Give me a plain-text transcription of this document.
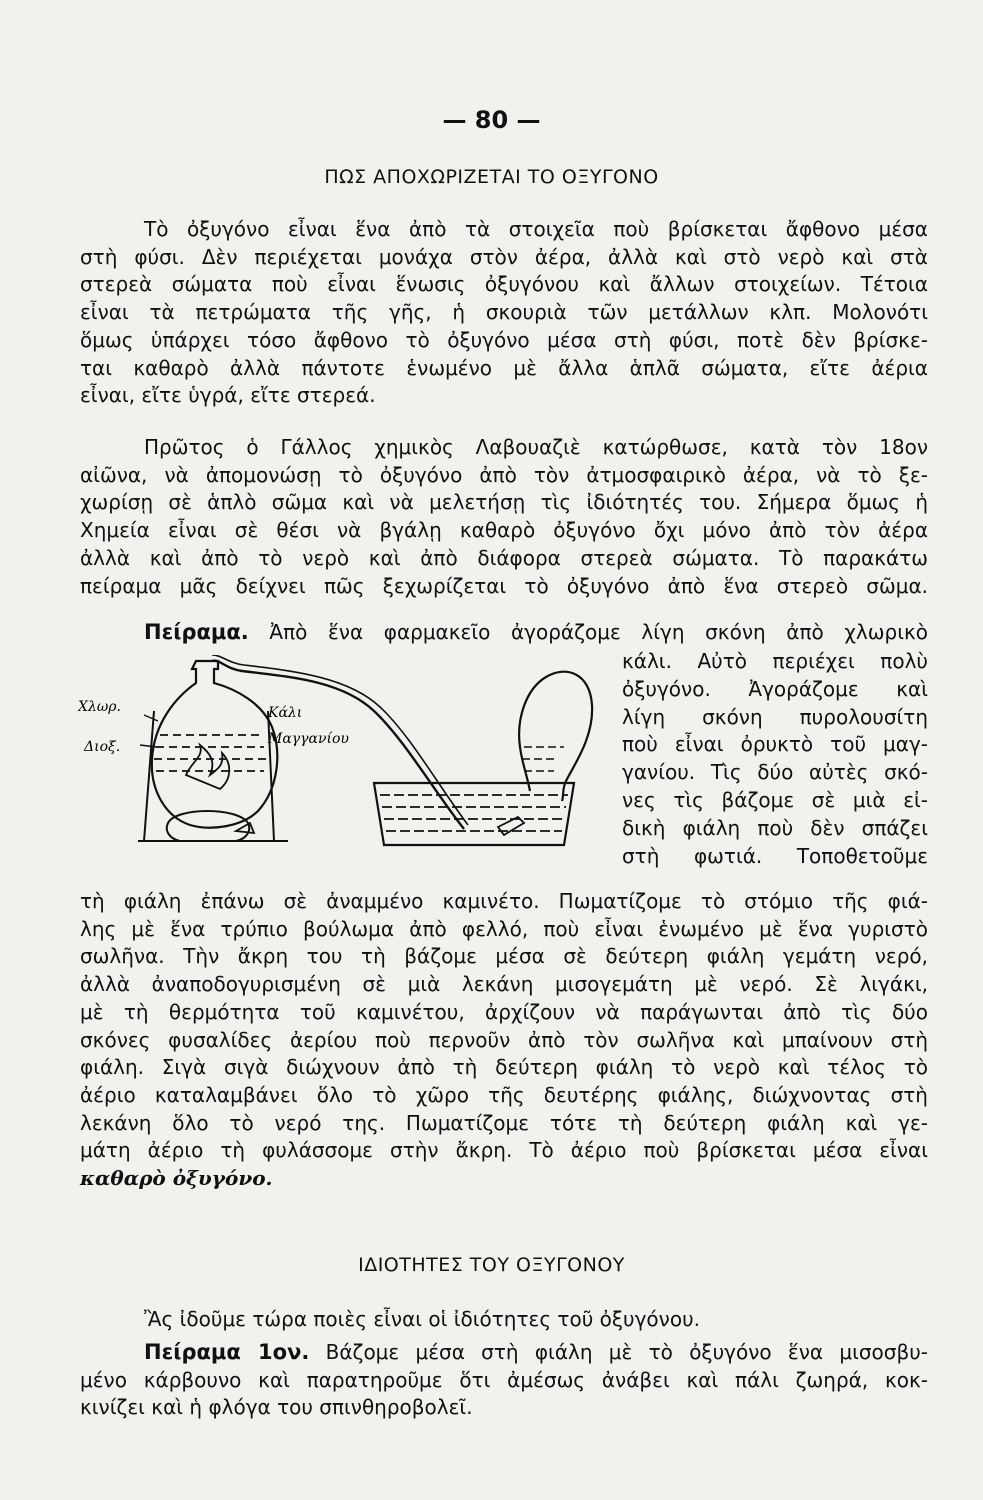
— 80 —
ΠΩΣ ΑΠΟΧΩΡΙΖΕΤΑΙ ΤΟ ΟΞΥΓΟΝΟ
Τὸ ὀξυγόνο εἶναι ἕνα ἀπὸ τὰ στοιχεῖα ποὺ βρίσκεται ἄφθονο μέσα
στὴ φύσι. Δὲν περιέχεται μονάχα στὸν ἀέρα, ἀλλὰ καὶ στὸ νερὸ καὶ στὰ
στερεὰ σώματα ποὺ εἶναι ἕνωσις ὀξυγόνου καὶ ἄλλων στοιχείων. Τέτοια
εἶναι τὰ πετρώματα τῆς γῆς, ἡ σκουριὰ τῶν μετάλλων κλπ. Μολονότι
ὅμως ὑπάρχει τόσο ἄφθονο τὸ ὀξυγόνο μέσα στὴ φύσι, ποτὲ δὲν βρίσκε-
ται καθαρὸ ἀλλὰ πάντοτε ἑνωμένο μὲ ἄλλα ἁπλᾶ σώματα, εἴτε ἀέρια
εἶναι, εἴτε ὑγρά, εἴτε στερεά.
Πρῶτος ὁ Γάλλος χημικὸς Λαβουαζιὲ κατώρθωσε, κατὰ τὸν 18ον
αἰῶνα, νὰ ἀπομονώσῃ τὸ ὀξυγόνο ἀπὸ τὸν ἀτμοσφαιρικὸ ἀέρα, νὰ τὸ ξε-
χωρίσῃ σὲ ἁπλὸ σῶμα καὶ νὰ μελετήσῃ τὶς ἰδιότητές του. Σήμερα ὅμως ἡ
Χημεία εἶναι σὲ θέσι νὰ βγάλῃ καθαρὸ ὀξυγόνο ὄχι μόνο ἀπὸ τὸν ἀέρα
ἀλλὰ καὶ ἀπὸ τὸ νερὸ καὶ ἀπὸ διάφορα στερεὰ σώματα. Τὸ παρακάτω
πείραμα μᾶς δείχνει πῶς ξεχωρίζεται τὸ ὀξυγόνο ἀπὸ ἕνα στερεὸ σῶμα.
Πείραμα. Ἀπὸ ἕνα φαρμακεῖο ἀγοράζομε λίγη σκόνη ἀπὸ χλωρικὸ
Χλωρ.
Διοξ.
Κάλι
Μαγγανίου
κάλι. Αὐτὸ περιέχει πολὺ
ὀξυγόνο. Ἀγοράζομε καὶ
λίγη σκόνη πυρολουσίτη
ποὺ εἶναι ὀρυκτὸ τοῦ μαγ-
γανίου. Τὶς δύο αὐτὲς σκό-
νες τὶς βάζομε σὲ μιὰ εἰ-
δικὴ φιάλη ποὺ δὲν σπάζει
στὴ φωτιά. Τοποθετοῦμε
τὴ φιάλη ἐπάνω σὲ ἀναμμένο καμινέτο. Πωματίζομε τὸ στόμιο τῆς φιά-
λης μὲ ἕνα τρύπιο βούλωμα ἀπὸ φελλό, ποὺ εἶναι ἑνωμένο μὲ ἕνα γυριστὸ
σωλῆνα. Τὴν ἄκρη του τὴ βάζομε μέσα σὲ δεύτερη φιάλη γεμάτη νερό,
ἀλλὰ ἀναποδογυρισμένη σὲ μιὰ λεκάνη μισογεμάτη μὲ νερό. Σὲ λιγάκι,
μὲ τὴ θερμότητα τοῦ καμινέτου, ἀρχίζουν νὰ παράγωνται ἀπὸ τὶς δύο
σκόνες φυσαλίδες ἀερίου ποὺ περνοῦν ἀπὸ τὸν σωλῆνα καὶ μπαίνουν στὴ
φιάλη. Σιγὰ σιγὰ διώχνουν ἀπὸ τὴ δεύτερη φιάλη τὸ νερὸ καὶ τέλος τὸ
ἀέριο καταλαμβάνει ὅλο τὸ χῶρο τῆς δευτέρης φιάλης, διώχνοντας στὴ
λεκάνη ὅλο τὸ νερό της. Πωματίζομε τότε τὴ δεύτερη φιάλη καὶ γε-
μάτη ἀέριο τὴ φυλάσσομε στὴν ἄκρη. Τὸ ἀέριο ποὺ βρίσκεται μέσα εἶναι
καθαρὸ ὀξυγόνο.
ΙΔΙΟΤΗΤΕΣ ΤΟΥ ΟΞΥΓΟΝΟΥ
Ἂς ἰδοῦμε τώρα ποιὲς εἶναι οἱ ἰδιότητες τοῦ ὀξυγόνου.
Πείραμα 1ον. Βάζομε μέσα στὴ φιάλη μὲ τὸ ὀξυγόνο ἕνα μισοσβυ-
μένο κάρβουνο καὶ παρατηροῦμε ὅτι ἀμέσως ἀνάβει καὶ πάλι ζωηρά, κοκ-
κινίζει καὶ ἡ φλόγα του σπινθηροβολεῖ.
